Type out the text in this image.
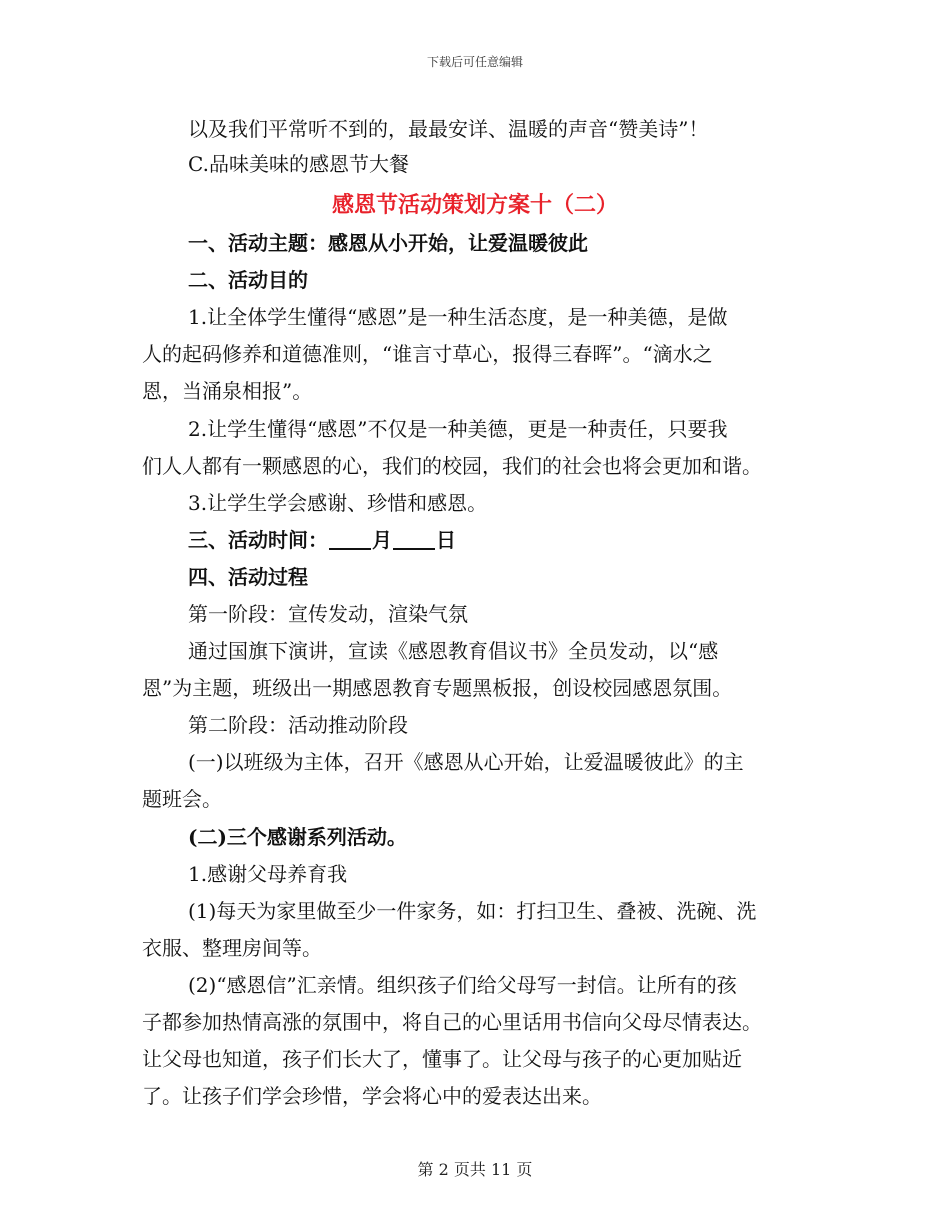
下载后可任意编辑
以及我们平常听不到的，最最安详、温暖的声音“赞美诗”！
C.品味美味的感恩节大餐
感恩节活动策划方案十（二）
一、活动主题：感恩从小开始，让爱温暖彼此
二、活动目的
1.让全体学生懂得“感恩”是一种生活态度，是一种美德，是做
人的起码修养和道德准则，“谁言寸草心，报得三春晖”。“滴水之
恩，当涌泉相报”。
2.让学生懂得“感恩”不仅是一种美德，更是一种责任，只要我
们人人都有一颗感恩的心，我们的校园，我们的社会也将会更加和谐。
3.让学生学会感谢、珍惜和感恩。
三、活动时间： 月 日
四、活动过程
第一阶段：宣传发动，渲染气氛
通过国旗下演讲，宣读《感恩教育倡议书》全员发动，以“感
恩”为主题，班级出一期感恩教育专题黑板报，创设校园感恩氛围。
第二阶段：活动推动阶段
(一)以班级为主体，召开《感恩从心开始，让爱温暖彼此》的主
题班会。
(二)三个感谢系列活动。
1.感谢父母养育我
(1)每天为家里做至少一件家务，如：打扫卫生、叠被、洗碗、洗
衣服、整理房间等。
(2)“感恩信”汇亲情。组织孩子们给父母写一封信。让所有的孩
子都参加热情高涨的氛围中，将自己的心里话用书信向父母尽情表达。
让父母也知道，孩子们长大了，懂事了。让父母与孩子的心更加贴近
了。让孩子们学会珍惜，学会将心中的爱表达出来。
第 2 页共 11 页
